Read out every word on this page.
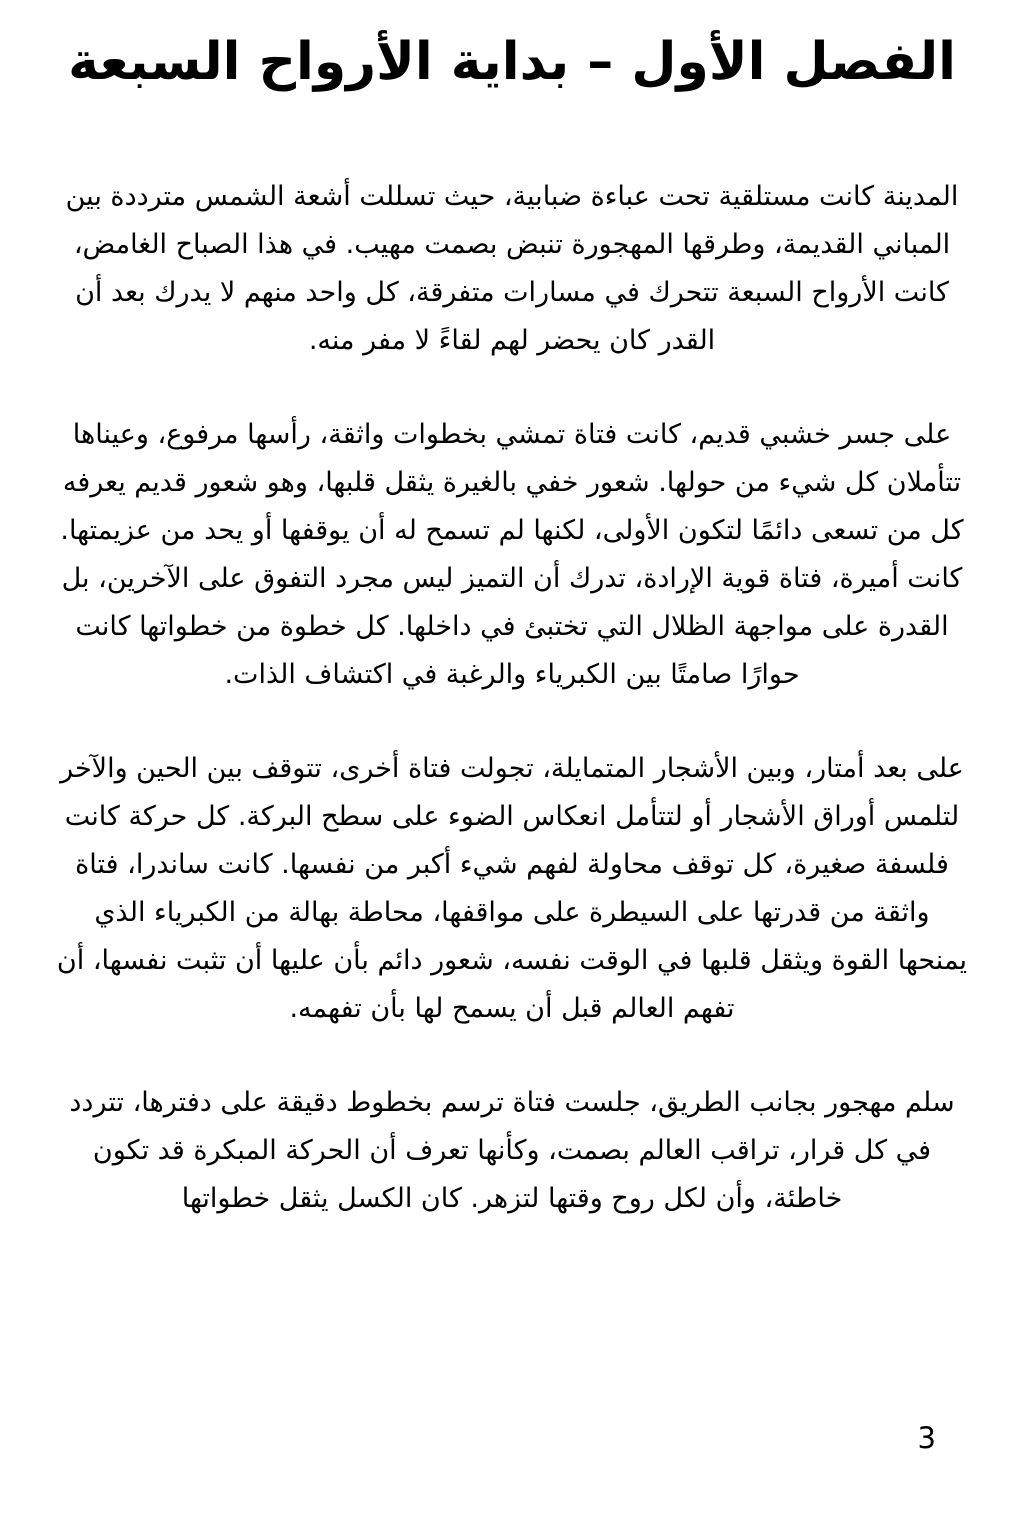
الفصل الأول – بداية الأرواح السبعة

المدينة كانت مستلقية تحت عباءة ضبابية، حيث تسللت أشعة الشمس مترددة بين المباني القديمة، وطرقها المهجورة تنبض بصمت مهيب. في هذا الصباح الغامض، كانت الأرواح السبعة تتحرك في مسارات متفرقة، كل واحد منهم لا يدرك بعد أن القدر كان يحضر لهم لقاءً لا مفر منه.

على جسر خشبي قديم، كانت فتاة تمشي بخطوات واثقة، رأسها مرفوع، وعيناها تتأملان كل شيء من حولها. شعور خفي بالغيرة يثقل قلبها، وهو شعور قديم يعرفه كل من تسعى دائمًا لتكون الأولى، لكنها لم تسمح له أن يوقفها أو يحد من عزيمتها. كانت أميرة، فتاة قوية الإرادة، تدرك أن التميز ليس مجرد التفوق على الآخرين، بل القدرة على مواجهة الظلال التي تختبئ في داخلها. كل خطوة من خطواتها كانت حوارًا صامتًا بين الكبرياء والرغبة في اكتشاف الذات.

على بعد أمتار، وبين الأشجار المتمايلة، تجولت فتاة أخرى، تتوقف بين الحين والآخر لتلمس أوراق الأشجار أو لتتأمل انعكاس الضوء على سطح البركة. كل حركة كانت فلسفة صغيرة، كل توقف محاولة لفهم شيء أكبر من نفسها. كانت ساندرا، فتاة واثقة من قدرتها على السيطرة على مواقفها، محاطة بهالة من الكبرياء الذي يمنحها القوة ويثقل قلبها في الوقت نفسه، شعور دائم بأن عليها أن تثبت نفسها، أن تفهم العالم قبل أن يسمح لها بأن تفهمه.

سلم مهجور بجانب الطريق، جلست فتاة ترسم بخطوط دقيقة على دفترها، تتردد في كل قرار، تراقب العالم بصمت، وكأنها تعرف أن الحركة المبكرة قد تكون خاطئة، وأن لكل روح وقتها لتزهر. كان الكسل يثقل خطواتها

3
